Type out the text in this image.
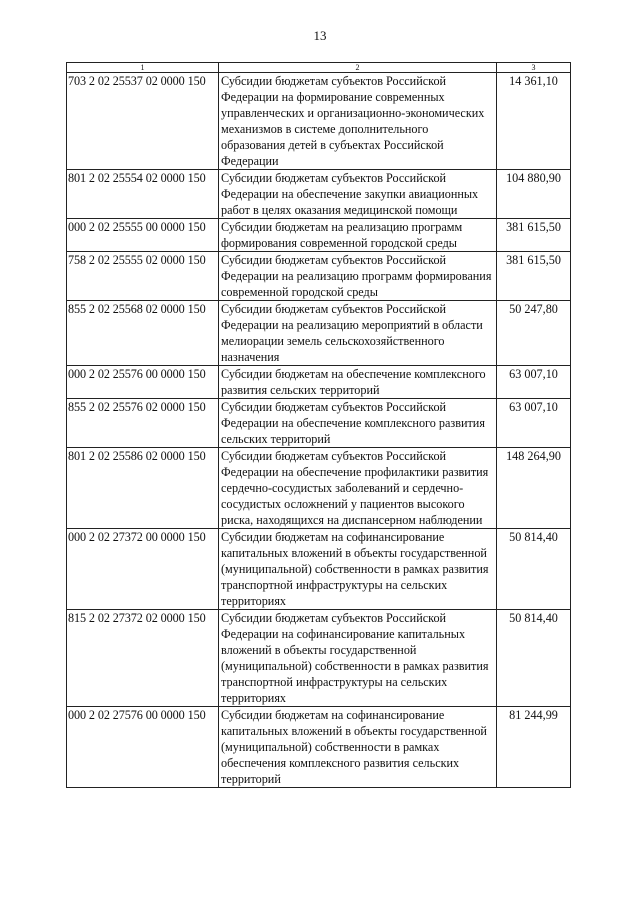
13
1	2	3
703 2 02 25537 02 0000 150	Субсидии бюджетам субъектов Российской Федерации на формирование современных управленческих и организационно-экономических механизмов в системе дополнительного образования детей в субъектах Российской Федерации	14 361,10
801 2 02 25554 02 0000 150	Субсидии бюджетам субъектов Российской Федерации на обеспечение закупки авиационных работ в целях оказания медицинской помощи	104 880,90
000 2 02 25555 00 0000 150	Субсидии бюджетам на реализацию программ формирования современной городской среды	381 615,50
758 2 02 25555 02 0000 150	Субсидии бюджетам субъектов Российской Федерации на реализацию программ формирования современной городской среды	381 615,50
855 2 02 25568 02 0000 150	Субсидии бюджетам субъектов Российской Федерации на реализацию мероприятий в области мелиорации земель сельскохозяйственного назначения	50 247,80
000 2 02 25576 00 0000 150	Субсидии бюджетам на обеспечение комплексного развития сельских территорий	63 007,10
855 2 02 25576 02 0000 150	Субсидии бюджетам субъектов Российской Федерации на обеспечение комплексного развития сельских территорий	63 007,10
801 2 02 25586 02 0000 150	Субсидии бюджетам субъектов Российской Федерации на обеспечение профилактики развития сердечно-сосудистых заболеваний и сердечно-сосудистых осложнений у пациентов высокого риска, находящихся на диспансерном наблюдении	148 264,90
000 2 02 27372 00 0000 150	Субсидии бюджетам на софинансирование капитальных вложений в объекты государственной (муниципальной) собственности в рамках развития транспортной инфраструктуры на сельских территориях	50 814,40
815 2 02 27372 02 0000 150	Субсидии бюджетам субъектов Российской Федерации на софинансирование капитальных вложений в объекты государственной (муниципальной) собственности в рамках развития транспортной инфраструктуры на сельских территориях	50 814,40
000 2 02 27576 00 0000 150	Субсидии бюджетам на софинансирование капитальных вложений в объекты государственной (муниципальной) собственности в рамках обеспечения комплексного развития сельских территорий	81 244,99
